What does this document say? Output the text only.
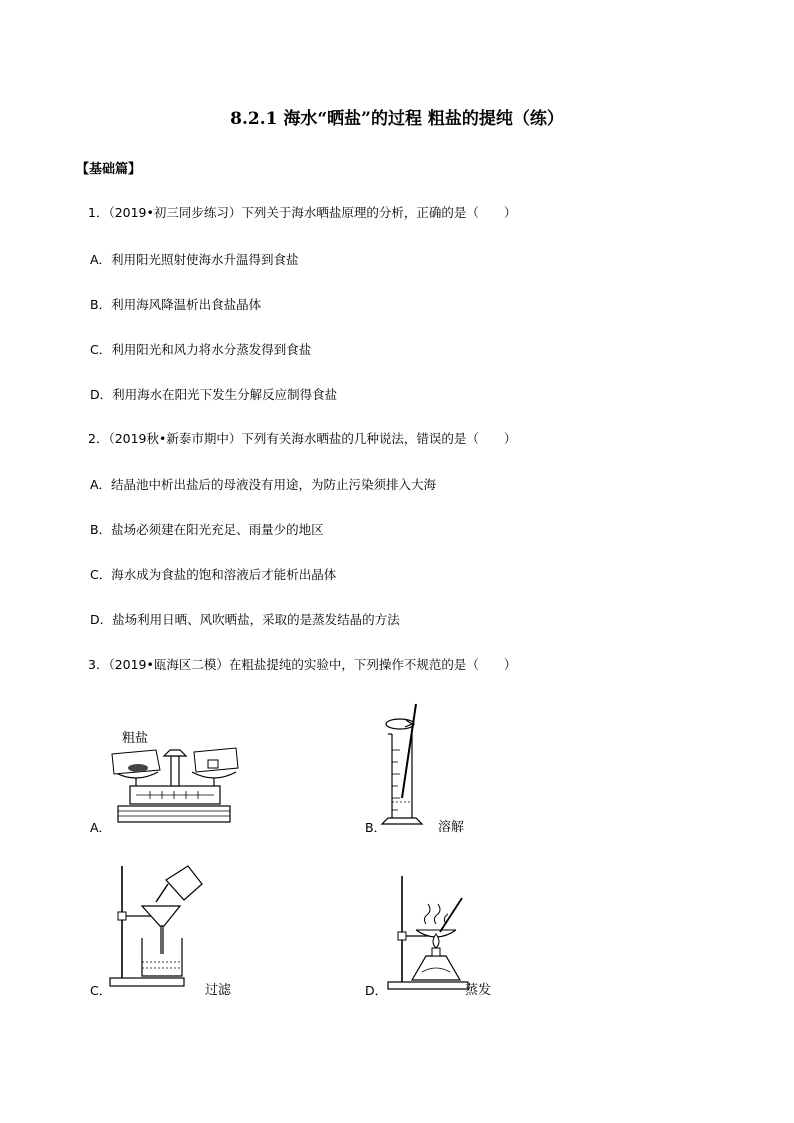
8.2.1 海水“晒盐”的过程 粗盐的提纯（练）
【基础篇】
1．（2019•初三同步练习）下列关于海水晒盐原理的分析，正确的是（　　）
A．利用阳光照射使海水升温得到食盐
B．利用海风降温析出食盐晶体
C．利用阳光和风力将水分蒸发得到食盐
D．利用海水在阳光下发生分解反应制得食盐
2．（2019秋•新泰市期中）下列有关海水晒盐的几种说法，错误的是（　　）
A．结晶池中析出盐后的母液没有用途，为防止污染须排入大海
B．盐场必须建在阳光充足、雨量少的地区
C．海水成为食盐的饱和溶液后才能析出晶体
D．盐场利用日晒、风吹晒盐，采取的是蒸发结晶的方法
3．（2019•瓯海区二模）在粗盐提纯的实验中，下列操作不规范的是（　　）
粗盐
A．	B．	溶解
C．	过滤	D．	蒸发
